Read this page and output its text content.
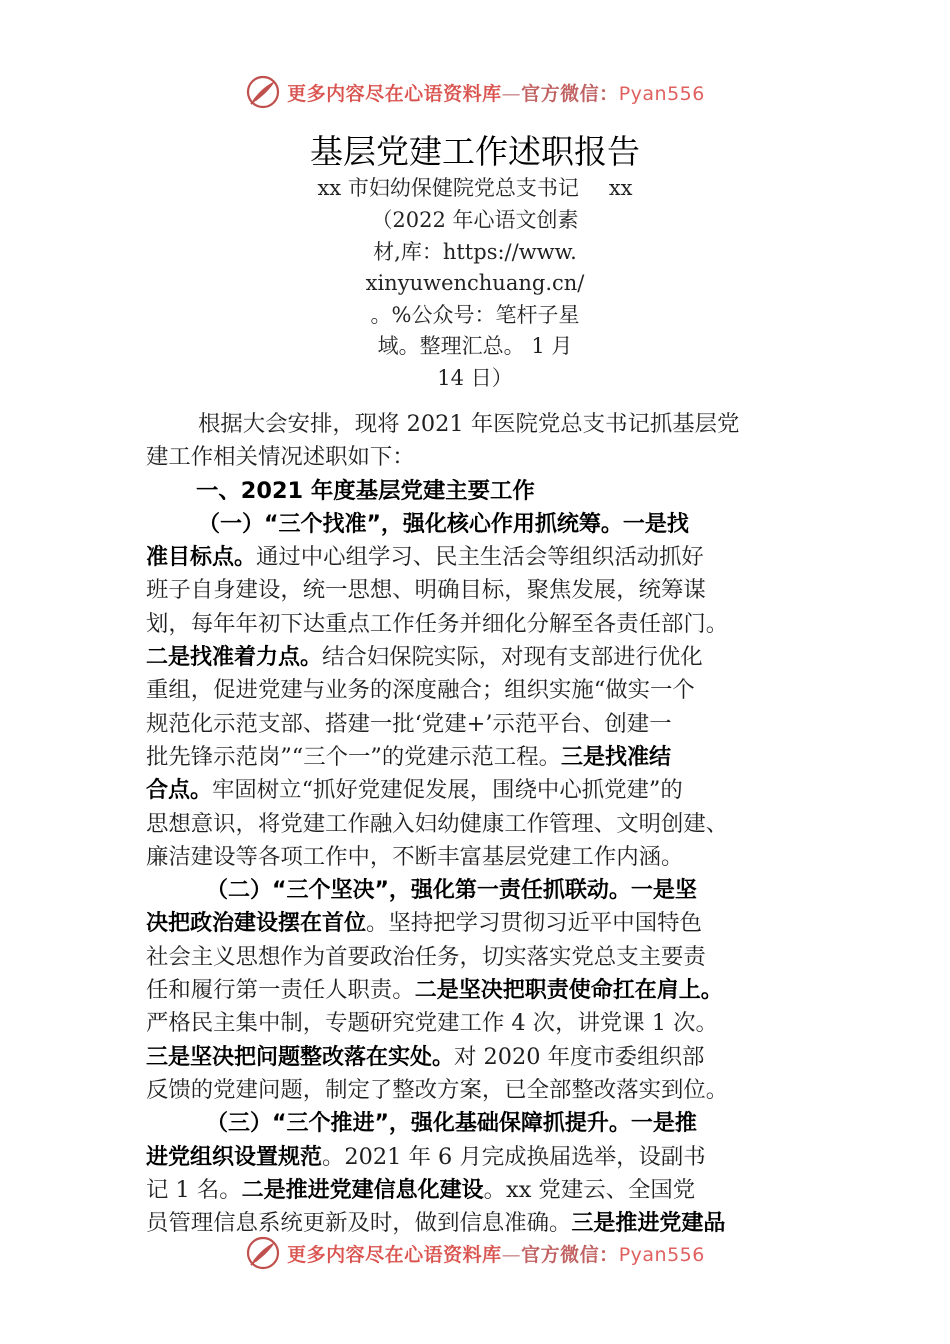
更多内容尽在心语资料库—官方微信：Pyan556
基层党建工作述职报告
xx 市妇幼保健院党总支书记 xx
（2022 年心语文创素
材,库：https://www.
xinyuwenchuang.cn/
。%公众号：笔杆子星
域。整理汇总。 1 月
14 日）
根据大会安排，现将 2021 年医院党总支书记抓基层党
建工作相关情况述职如下：
一、2021 年度基层党建主要工作
（一）“三个找准”，强化核心作用抓统筹。一是找
准目标点。通过中心组学习、民主生活会等组织活动抓好
班子自身建设，统一思想、明确目标，聚焦发展，统筹谋
划，每年年初下达重点工作任务并细化分解至各责任部门。
二是找准着力点。结合妇保院实际，对现有支部进行优化
重组，促进党建与业务的深度融合；组织实施“做实一个
规范化示范支部、搭建一批‘党建+’示范平台、创建一
批先锋示范岗”“三个一”的党建示范工程。三是找准结
合点。牢固树立“抓好党建促发展，围绕中心抓党建”的
思想意识，将党建工作融入妇幼健康工作管理、文明创建、
廉洁建设等各项工作中，不断丰富基层党建工作内涵。
（二）“三个坚决”，强化第一责任抓联动。一是坚
决把政治建设摆在首位。坚持把学习贯彻习近平中国特色
社会主义思想作为首要政治任务，切实落实党总支主要责
任和履行第一责任人职责。二是坚决把职责使命扛在肩上。
严格民主集中制，专题研究党建工作 4 次，讲党课 1 次。
三是坚决把问题整改落在实处。对 2020 年度市委组织部
反馈的党建问题，制定了整改方案，已全部整改落实到位。
（三）“三个推进”，强化基础保障抓提升。一是推
进党组织设置规范。2021 年 6 月完成换届选举，设副书
记 1 名。二是推进党建信息化建设。xx 党建云、全国党
员管理信息系统更新及时，做到信息准确。三是推进党建品
更多内容尽在心语资料库—官方微信：Pyan556
